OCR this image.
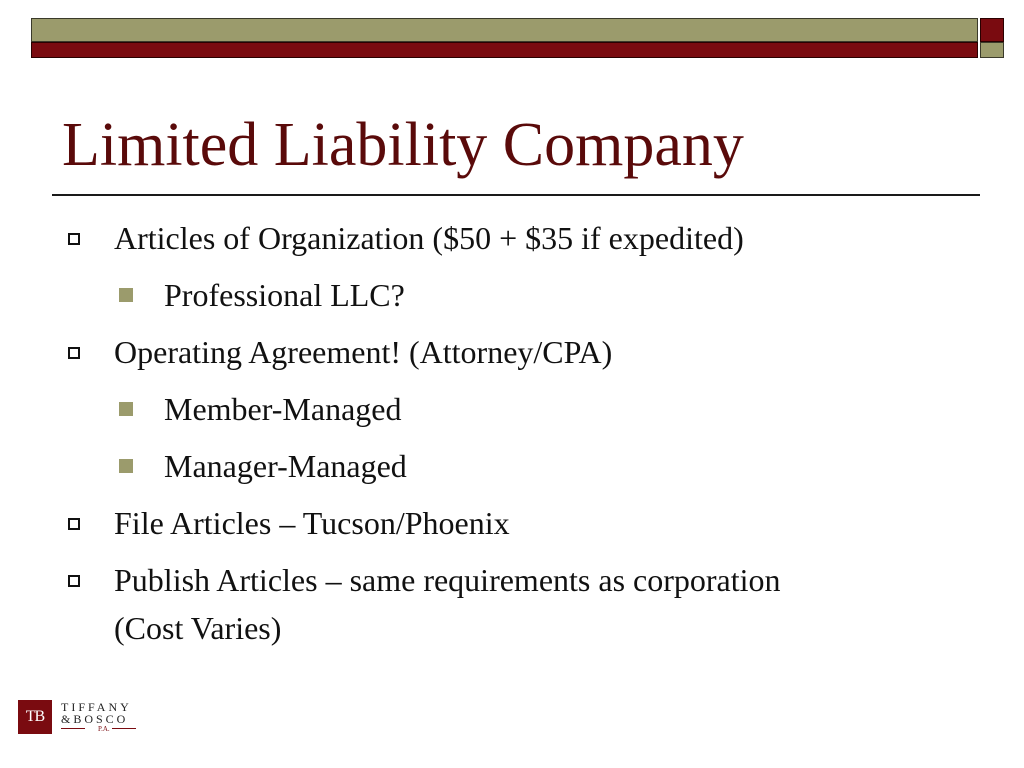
Limited Liability Company
Articles of Organization ($50 + $35 if expedited)
Professional LLC?
Operating Agreement! (Attorney/CPA)
Member-Managed
Manager-Managed
File Articles – Tucson/Phoenix
Publish Articles – same requirements as corporation
(Cost Varies)
TB
TIFFANY
&BOSCO
P.A.
